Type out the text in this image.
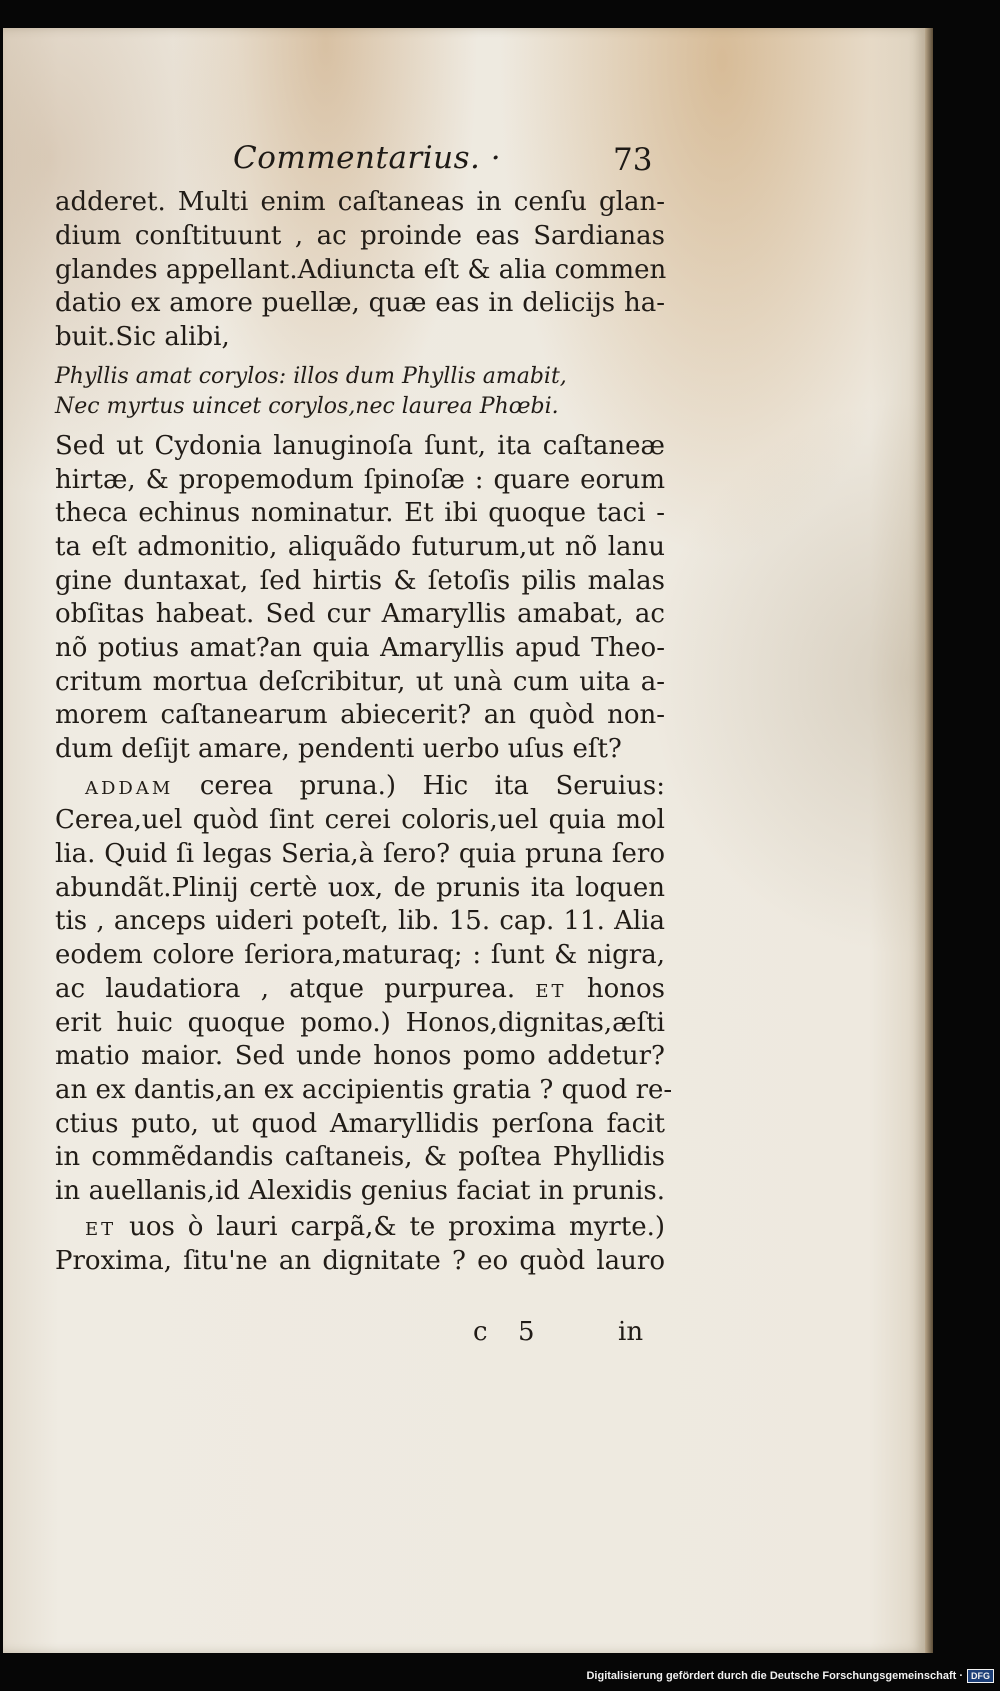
Commentarius. ·	73
adderet. Multi enim caſtaneas in cenſu glan-
dium conſtituunt , ac proinde eas Sardianas
glandes appellant.Adiuncta eſt & alia commen
datio ex amore puellæ, quæ eas in delicijs ha-
buit.Sic alibi,
Phyllis amat corylos: illos dum Phyllis amabit,
Nec myrtus uincet corylos,nec laurea Phœbi.
Sed ut Cydonia lanuginoſa ſunt, ita caſtaneæ
hirtæ, & propemodum ſpinoſæ : quare eorum
theca echinus nominatur. Et ibi quoque taci -
ta eſt admonitio, aliquãdo futurum,ut nõ lanu
gine duntaxat, ſed hirtis & ſetoſis pilis malas
obſitas habeat. Sed cur Amaryllis amabat, ac
nõ potius amat?an quia Amaryllis apud Theo-
critum mortua deſcribitur, ut unà cum uita a-
morem caſtanearum abiecerit? an quòd non-
dum deſijt amare, pendenti uerbo uſus eſt?
ADDAM cerea pruna.) Hic ita Seruius:
Cerea,uel quòd ſint cerei coloris,uel quia mol
lia. Quid ſi legas Seria,à ſero? quia pruna ſero
abundãt.Plinij certè uox, de prunis ita loquen
tis , anceps uideri poteſt, lib. 15. cap. 11. Alia
eodem colore ſeriora,maturaq; : ſunt & nigra,
ac laudatiora , atque purpurea. ET honos
erit huic quoque pomo.) Honos,dignitas,æſti
matio maior. Sed unde honos pomo addetur?
an ex dantis,an ex accipientis gratia ? quod re-
ctius puto, ut quod Amaryllidis perſona facit
in commẽdandis caſtaneis, & poſtea Phyllidis
in auellanis,id Alexidis genius faciat in prunis.
ET uos ò lauri carpã,& te proxima myrte.)
Proxima, ſitu'ne an dignitate ? eo quòd lauro
c 5	in
Digitalisierung gefördert durch die Deutsche Forschungsgemeinschaft · DFG
